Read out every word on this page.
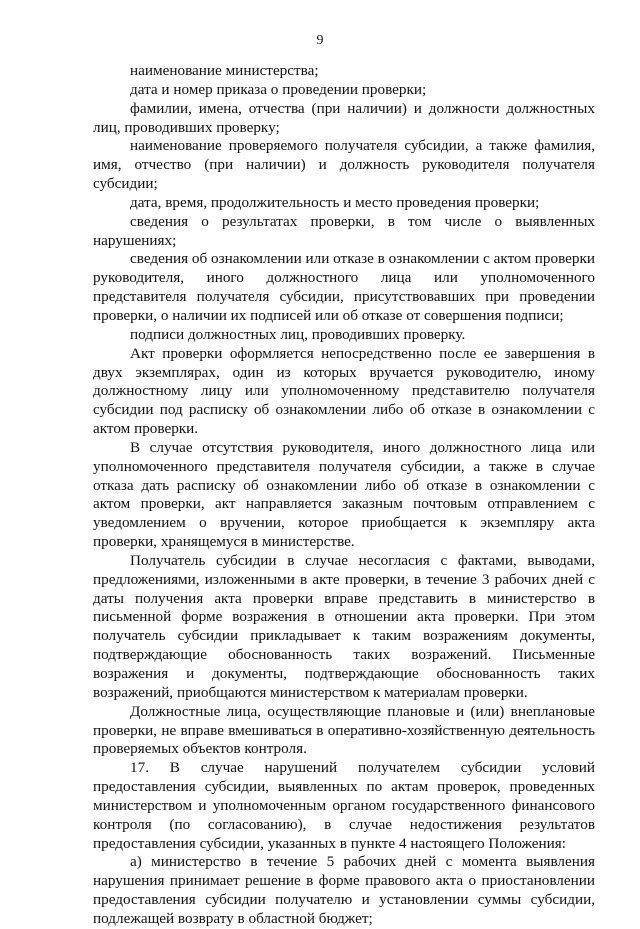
9

наименование министерства;

дата и номер приказа о проведении проверки;

фамилии, имена, отчества (при наличии) и должности должностных лиц, проводивших проверку;

наименование проверяемого получателя субсидии, а также фамилия, имя, отчество (при наличии) и должность руководителя получателя субсидии;

дата, время, продолжительность и место проведения проверки;

сведения о результатах проверки, в том числе о выявленных нарушениях;

сведения об ознакомлении или отказе в ознакомлении с актом проверки руководителя, иного должностного лица или уполномоченного представителя получателя субсидии, присутствовавших при проведении проверки, о наличии их подписей или об отказе от совершения подписи;

подписи должностных лиц, проводивших проверку.

Акт проверки оформляется непосредственно после ее завершения в двух экземплярах, один из которых вручается руководителю, иному должностному лицу или уполномоченному представителю получателя субсидии под расписку об ознакомлении либо об отказе в ознакомлении с актом проверки.

В случае отсутствия руководителя, иного должностного лица или уполномоченного представителя получателя субсидии, а также в случае отказа дать расписку об ознакомлении либо об отказе в ознакомлении с актом проверки, акт направляется заказным почтовым отправлением с уведомлением о вручении, которое приобщается к экземпляру акта проверки, хранящемуся в министерстве.

Получатель субсидии в случае несогласия с фактами, выводами, предложениями, изложенными в акте проверки, в течение 3 рабочих дней с даты получения акта проверки вправе представить в министерство в письменной форме возражения в отношении акта проверки. При этом получатель субсидии прикладывает к таким возражениям документы, подтверждающие обоснованность таких возражений. Письменные возражения и документы, подтверждающие обоснованность таких возражений, приобщаются министерством к материалам проверки.

Должностные лица, осуществляющие плановые и (или) внеплановые проверки, не вправе вмешиваться в оперативно-хозяйственную деятельность проверяемых объектов контроля.

17. В случае нарушений получателем субсидии условий предоставления субсидии, выявленных по актам проверок, проведенных министерством и уполномоченным органом государственного финансового контроля (по согласованию), в случае недостижения результатов предоставления субсидии, указанных в пункте 4 настоящего Положения:

а) министерство в течение 5 рабочих дней с момента выявления нарушения принимает решение в форме правового акта о приостановлении предоставления субсидии получателю и установлении суммы субсидии, подлежащей возврату в областной бюджет;
